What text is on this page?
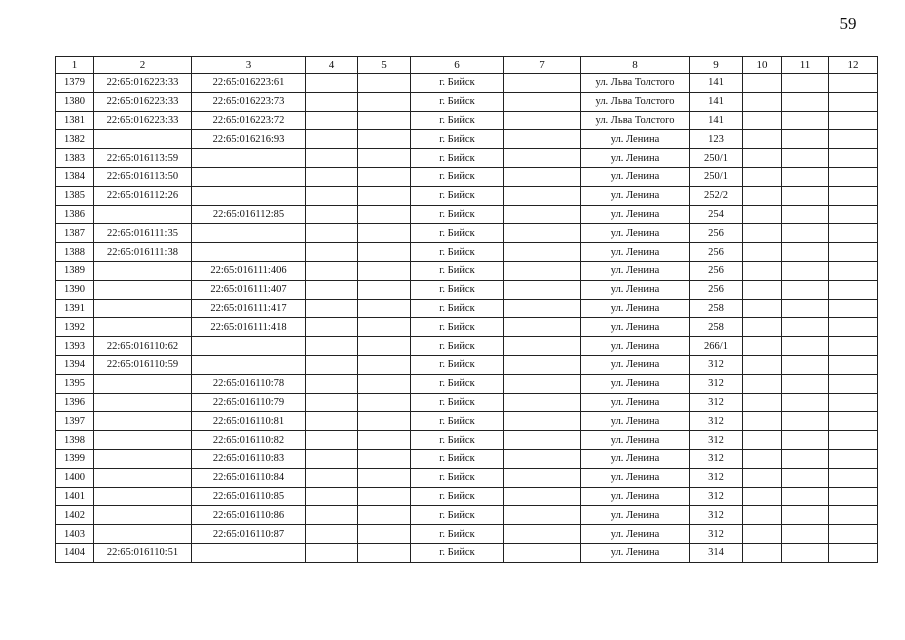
59
1	2	3	4	5	6	7	8	9	10	11	12
1379	22:65:016223:33	22:65:016223:61			г. Бийск		ул. Льва Толстого	141			
1380	22:65:016223:33	22:65:016223:73			г. Бийск		ул. Льва Толстого	141			
1381	22:65:016223:33	22:65:016223:72			г. Бийск		ул. Льва Толстого	141			
1382		22:65:016216:93			г. Бийск		ул. Ленина	123			
1383	22:65:016113:59				г. Бийск		ул. Ленина	250/1			
1384	22:65:016113:50				г. Бийск		ул. Ленина	250/1			
1385	22:65:016112:26				г. Бийск		ул. Ленина	252/2			
1386		22:65:016112:85			г. Бийск		ул. Ленина	254			
1387	22:65:016111:35				г. Бийск		ул. Ленина	256			
1388	22:65:016111:38				г. Бийск		ул. Ленина	256			
1389		22:65:016111:406			г. Бийск		ул. Ленина	256			
1390		22:65:016111:407			г. Бийск		ул. Ленина	256			
1391		22:65:016111:417			г. Бийск		ул. Ленина	258			
1392		22:65:016111:418			г. Бийск		ул. Ленина	258			
1393	22:65:016110:62				г. Бийск		ул. Ленина	266/1			
1394	22:65:016110:59				г. Бийск		ул. Ленина	312			
1395		22:65:016110:78			г. Бийск		ул. Ленина	312			
1396		22:65:016110:79			г. Бийск		ул. Ленина	312			
1397		22:65:016110:81			г. Бийск		ул. Ленина	312			
1398		22:65:016110:82			г. Бийск		ул. Ленина	312			
1399		22:65:016110:83			г. Бийск		ул. Ленина	312			
1400		22:65:016110:84			г. Бийск		ул. Ленина	312			
1401		22:65:016110:85			г. Бийск		ул. Ленина	312			
1402		22:65:016110:86			г. Бийск		ул. Ленина	312			
1403		22:65:016110:87			г. Бийск		ул. Ленина	312			
1404	22:65:016110:51				г. Бийск		ул. Ленина	314			
